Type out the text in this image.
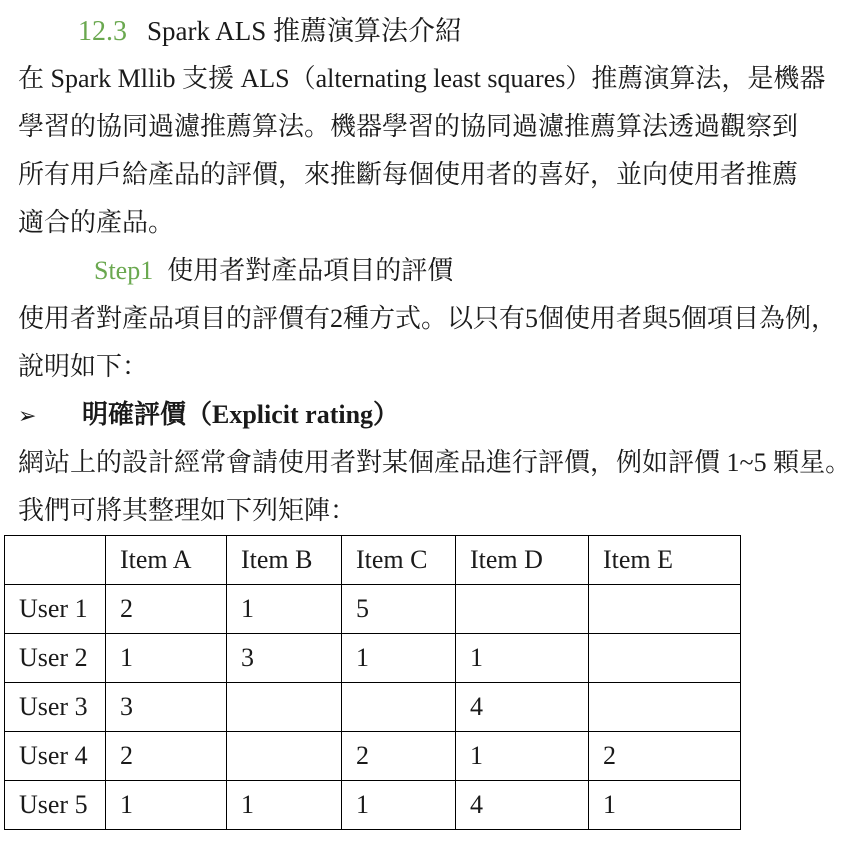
12.3 Spark ALS 推薦演算法介紹
在 Spark Mllib 支援 ALS（alternating least squares）推薦演算法，是機器
學習的協同過濾推薦算法。機器學習的協同過濾推薦算法透過觀察到
所有用戶給產品的評價，來推斷每個使用者的喜好，並向使用者推薦
適合的產品。
Step1 使用者對產品項目的評價
使用者對產品項目的評價有2種方式。以只有5個使用者與5個項目為例，
說明如下：
➢ 明確評價（Explicit rating）
網站上的設計經常會請使用者對某個產品進行評價，例如評價 1~5 顆星。
我們可將其整理如下列矩陣：
	Item A	Item B	Item C	Item D	Item E
User 1	2	1	5		
User 2	1	3	1	1	
User 3	3			4	
User 4	2		2	1	2
User 5	1	1	1	4	1
